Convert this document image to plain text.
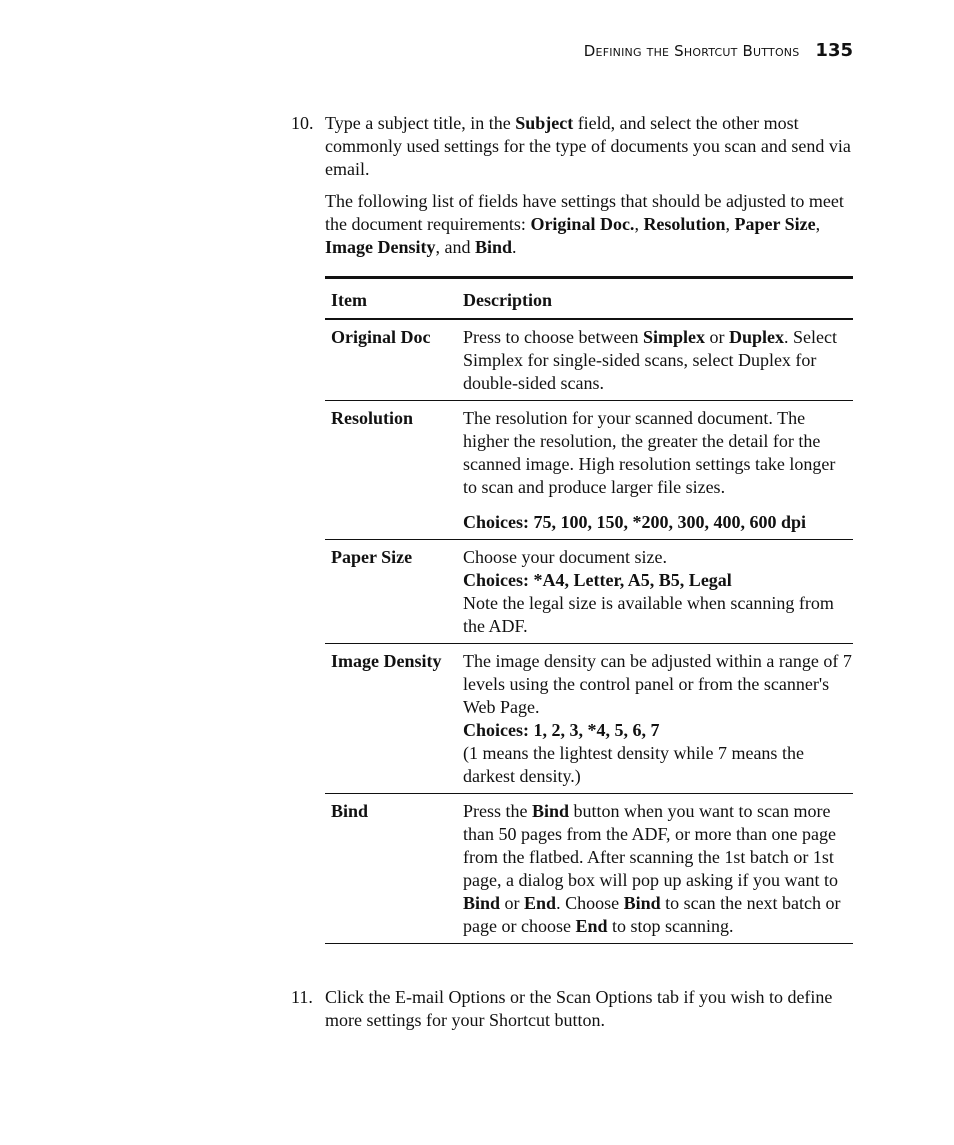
Defining the Shortcut Buttons 135
10. Type a subject title, in the Subject field, and select the other most commonly used settings for the type of documents you scan and send via email.

The following list of fields have settings that should be adjusted to meet the document requirements: Original Doc., Resolution, Paper Size, Image Density, and Bind.

Item	Description
Original Doc	Press to choose between Simplex or Duplex. Select Simplex for single-sided scans, select Duplex for double-sided scans.
Resolution	The resolution for your scanned document. The higher the resolution, the greater the detail for the scanned image. High resolution settings take longer to scan and produce larger file sizes.
Choices: 75, 100, 150, *200, 300, 400, 600 dpi
Paper Size	Choose your document size.
Choices: *A4, Letter, A5, B5, Legal
Note the legal size is available when scanning from the ADF.
Image Density	The image density can be adjusted within a range of 7 levels using the control panel or from the scanner's Web Page.
Choices: 1, 2, 3, *4, 5, 6, 7
(1 means the lightest density while 7 means the darkest density.)
Bind	Press the Bind button when you want to scan more than 50 pages from the ADF, or more than one page from the flatbed. After scanning the 1st batch or 1st page, a dialog box will pop up asking if you want to Bind or End. Choose Bind to scan the next batch or page or choose End to stop scanning.
11. Click the E-mail Options or the Scan Options tab if you wish to define more settings for your Shortcut button.
